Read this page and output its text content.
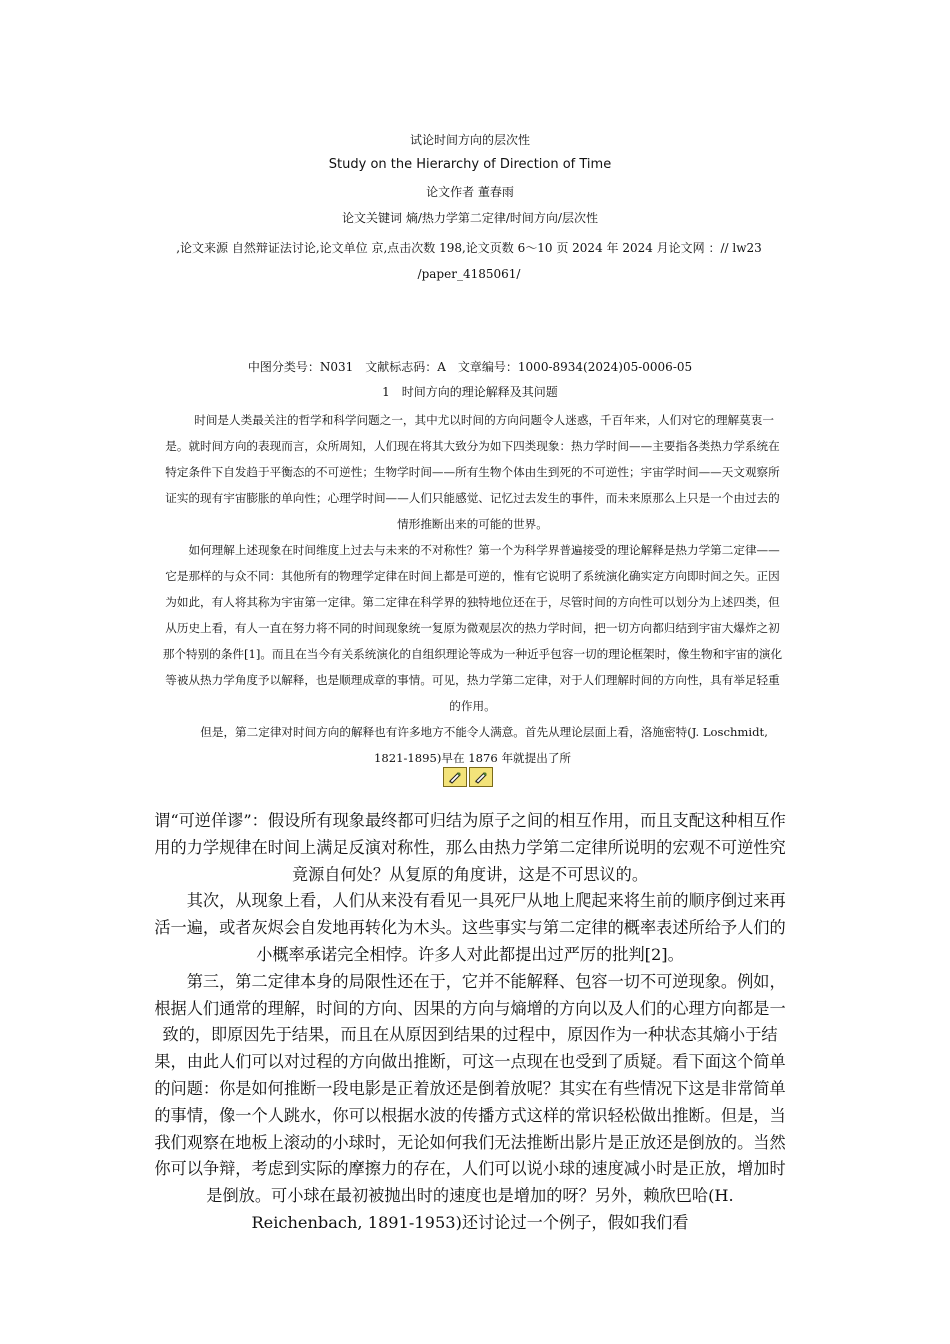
试论时间方向的层次性
Study on the Hierarchy of Direction of Time
论文作者 董春雨
论文关键词 熵/热力学第二定律/时间方向/层次性
,论文来源 自然辩证法讨论,论文单位 京,点击次数 198,论文页数 6～10 页 2024 年 2024 月论文网 ：// lw23
/paper_4185061/
中图分类号：N031　文献标志码：A　文章编号：1000-8934(2024)05-0006-05
1　时间方向的理论解释及其问题

时间是人类最关注的哲学和科学问题之一，其中尤以时间的方向问题令人迷惑，千百年来，人们对它的理解莫衷一是。就时间方向的表现而言，众所周知，人们现在将其大致分为如下四类现象：热力学时间——主要指各类热力学系统在特定条件下自发趋于平衡态的不可逆性；生物学时间——所有生物个体由生到死的不可逆性；宇宙学时间——天文观察所证实的现有宇宙膨胀的单向性；心理学时间——人们只能感觉、记忆过去发生的事件，而未来原那么上只是一个由过去的情形推断出来的可能的世界。

如何理解上述现象在时间维度上过去与未来的不对称性？第一个为科学界普遍接受的理论解释是热力学第二定律——它是那样的与众不同：其他所有的物理学定律在时间上都是可逆的，惟有它说明了系统演化确实定方向即时间之矢。正因为如此，有人将其称为宇宙第一定律。第二定律在科学界的独特地位还在于，尽管时间的方向性可以划分为上述四类，但从历史上看，有人一直在努力将不同的时间现象统一复原为微观层次的热力学时间，把一切方向都归结到宇宙大爆炸之初那个特别的条件[1]。而且在当今有关系统演化的自组织理论等成为一种近乎包容一切的理论框架时，像生物和宇宙的演化等被从热力学角度予以解释，也是顺理成章的事情。可见，热力学第二定律，对于人们理解时间的方向性，具有举足轻重的作用。

但是，第二定律对时间方向的解释也有许多地方不能令人满意。首先从理论层面上看，洛施密特(J. Loschmidt, 1821-1895)早在 1876 年就提出了所

谓“可逆佯谬”：假设所有现象最终都可归结为原子之间的相互作用，而且支配这种相互作用的力学规律在时间上满足反演对称性，那么由热力学第二定律所说明的宏观不可逆性究竟源自何处？从复原的角度讲，这是不可思议的。

其次，从现象上看，人们从来没有看见一具死尸从地上爬起来将生前的顺序倒过来再活一遍，或者灰烬会自发地再转化为木头。这些事实与第二定律的概率表述所给予人们的小概率承诺完全相悖。许多人对此都提出过严厉的批判[2]。

第三，第二定律本身的局限性还在于，它并不能解释、包容一切不可逆现象。例如，根据人们通常的理解，时间的方向、因果的方向与熵增的方向以及人们的心理方向都是一致的，即原因先于结果，而且在从原因到结果的过程中，原因作为一种状态其熵小于结果，由此人们可以对过程的方向做出推断，可这一点现在也受到了质疑。看下面这个简单的问题：你是如何推断一段电影是正着放还是倒着放呢？其实在有些情况下这是非常简单的事情，像一个人跳水，你可以根据水波的传播方式这样的常识轻松做出推断。但是，当我们观察在地板上滚动的小球时，无论如何我们无法推断出影片是正放还是倒放的。当然你可以争辩，考虑到实际的摩擦力的存在，人们可以说小球的速度减小时是正放，增加时是倒放。可小球在最初被抛出时的速度也是增加的呀？另外，赖欣巴哈(H. Reichenbach, 1891-1953)还讨论过一个例子，假如我们看
